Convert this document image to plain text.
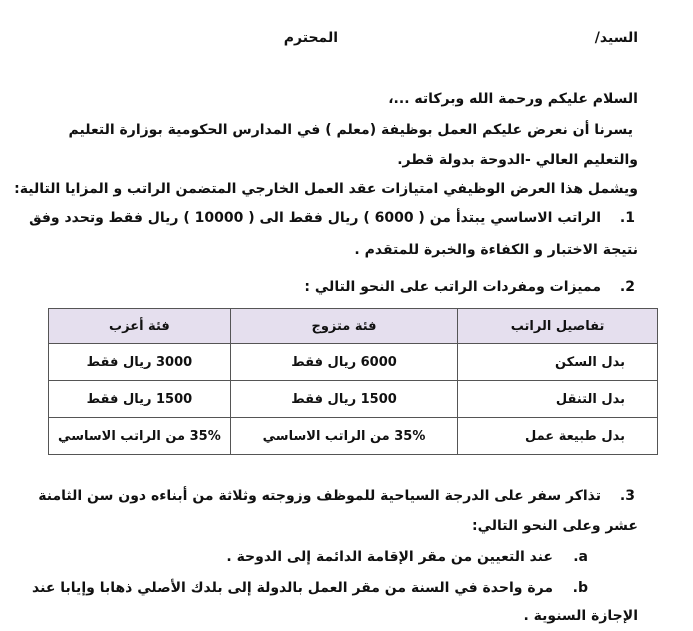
السيد/
المحترم
السلام عليكم ورحمة الله وبركاته ...،
يسرنا أن نعرض عليكم العمل بوظيفة (معلم ) في المدارس الحكومية بوزارة التعليم
والتعليم العالي -الدوحة بدولة قطر.
ويشمل هذا العرض الوظيفي امتيازات عقد العمل الخارجي المتضمن الراتب و المزايا التالية:
1.
الراتب الاساسي يبتدأ من ( 6000 ) ريال فقط الى ( 10000 ) ريال فقط وتحدد وفق
نتيجة الاختبار و الكفاءة والخبرة للمتقدم .
2.
مميزات ومفردات الراتب على النحو التالي :
تفاصيل الراتب	فئة متزوج	فئة أعزب
بدل السكن	6000 ريال فقط	3000 ريال فقط
بدل التنقل	1500 ريال فقط	1500 ريال فقط
بدل طبيعة عمل	35% من الراتب الاساسي	35% من الراتب الاساسي
3.
تذاكر سفر على الدرجة السياحية للموظف وزوجته وثلاثة من أبناءه دون سن الثامنة
عشر وعلى النحو التالي:
a.
عند التعيين من مقر الإقامة الدائمة إلى الدوحة .
b.
مرة واحدة في السنة من مقر العمل بالدولة إلى بلدك الأصلي ذهابا وإيابا عند
الإجازة السنوية .
